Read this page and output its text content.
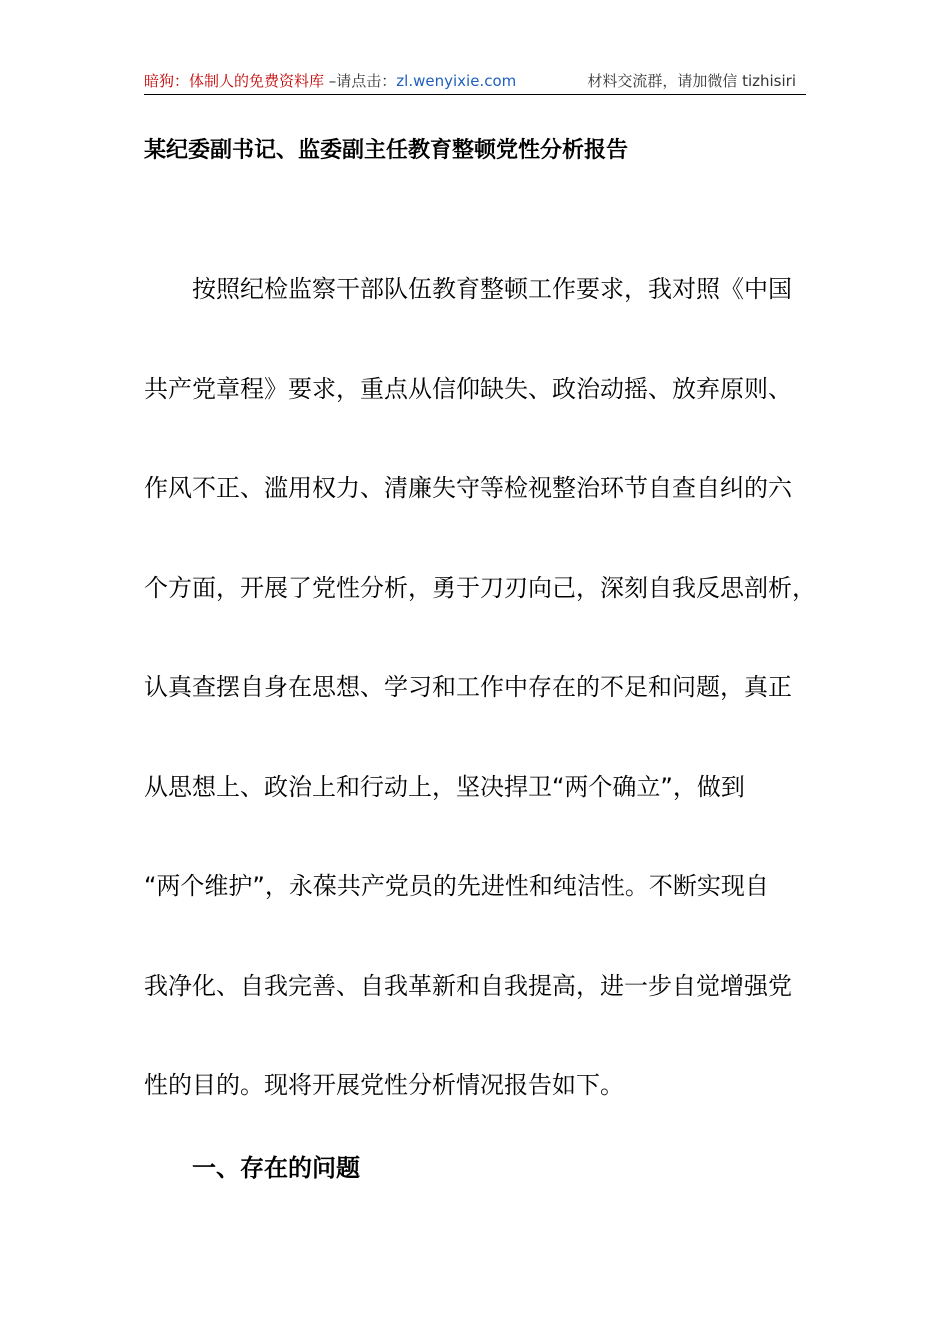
暗狗：体制人的免费资料库 –请点击：zl.wenyixie.com	材料交流群，请加微信 tizhisiri
某纪委副书记、监委副主任教育整顿党性分析报告
按照纪检监察干部队伍教育整顿工作要求，我对照《中国
共产党章程》要求，重点从信仰缺失、政治动摇、放弃原则、
作风不正、滥用权力、清廉失守等检视整治环节自查自纠的六
个方面，开展了党性分析，勇于刀刃向己，深刻自我反思剖析，
认真查摆自身在思想、学习和工作中存在的不足和问题，真正
从思想上、政治上和行动上，坚决捍卫“两个确立”，做到
“两个维护”，永葆共产党员的先进性和纯洁性。不断实现自
我净化、自我完善、自我革新和自我提高，进一步自觉增强党
性的目的。现将开展党性分析情况报告如下。
一、存在的问题
